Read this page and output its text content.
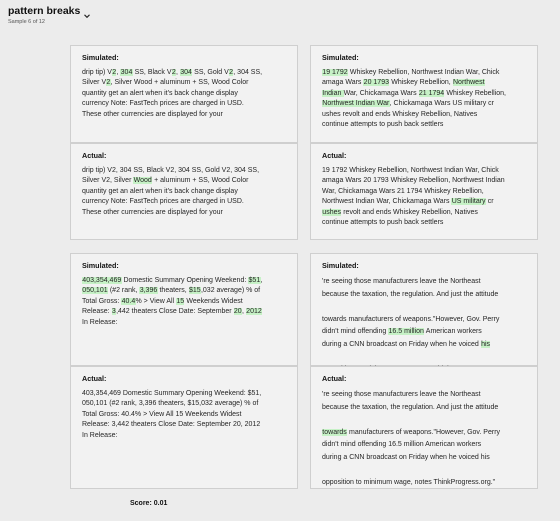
pattern breaks
Sample 6 of 12
Simulated:
drip tip) V2, 304 SS, Black V2, 304 SS, Gold V2, 304 SS,
Silver V2, Silver Wood + aluminum + SS, Wood Color
quantity get an alert when it's back change display
currency Note: FastTech prices are charged in USD.
These other currencies are displayed for your
Simulated:
19 1792 Whiskey Rebellion, Northwest Indian War, Chick
amaga Wars 20 1793 Whiskey Rebellion, Northwest
Indian War, Chickamaga Wars 21 1794 Whiskey Rebellion,
Northwest Indian War, Chickamaga Wars US military cr
ushes revolt and ends Whiskey Rebellion, Natives
continue attempts to push back settlers
Actual:
drip tip) V2, 304 SS, Black V2, 304 SS, Gold V2, 304 SS,
Silver V2, Silver Wood + aluminum + SS, Wood Color
quantity get an alert when it's back change display
currency Note: FastTech prices are charged in USD.
These other currencies are displayed for your
Actual:
19 1792 Whiskey Rebellion, Northwest Indian War, Chick
amaga Wars 20 1793 Whiskey Rebellion, Northwest Indian
War, Chickamaga Wars 21 1794 Whiskey Rebellion,
Northwest Indian War, Chickamaga Wars US military cr
ushes revolt and ends Whiskey Rebellion, Natives
continue attempts to push back settlers
Simulated:
403,354,469 Domestic Summary Opening Weekend: $51,
050,101 (#2 rank, 3,396 theaters, $15,032 average) % of
Total Gross: 40.4% > View All 15 Weekends Widest
Release: 3,442 theaters Close Date: September 20, 2012
In Release:
Simulated:
're seeing those manufacturers leave the Northeast
because the taxation, the regulation. And just the attitude

towards manufacturers of weapons."However, Gov. Perry
didn't mind offending 16.5 million American workers
during a CNN broadcast on Friday when he voiced his

Actual:
403,354,469 Domestic Summary Opening Weekend: $51,
050,101 (#2 rank, 3,396 theaters, $15,032 average) % of
Total Gross: 40.4% > View All 15 Weekends Widest
Release: 3,442 theaters Close Date: September 20, 2012
In Release:
Actual:
're seeing those manufacturers leave the Northeast
because the taxation, the regulation. And just the attitude

towards manufacturers of weapons."However, Gov. Perry
didn't mind offending 16.5 million American workers
during a CNN broadcast on Friday when he voiced his

opposition to minimum wage, notes ThinkProgress.org."
Score: 0.01
